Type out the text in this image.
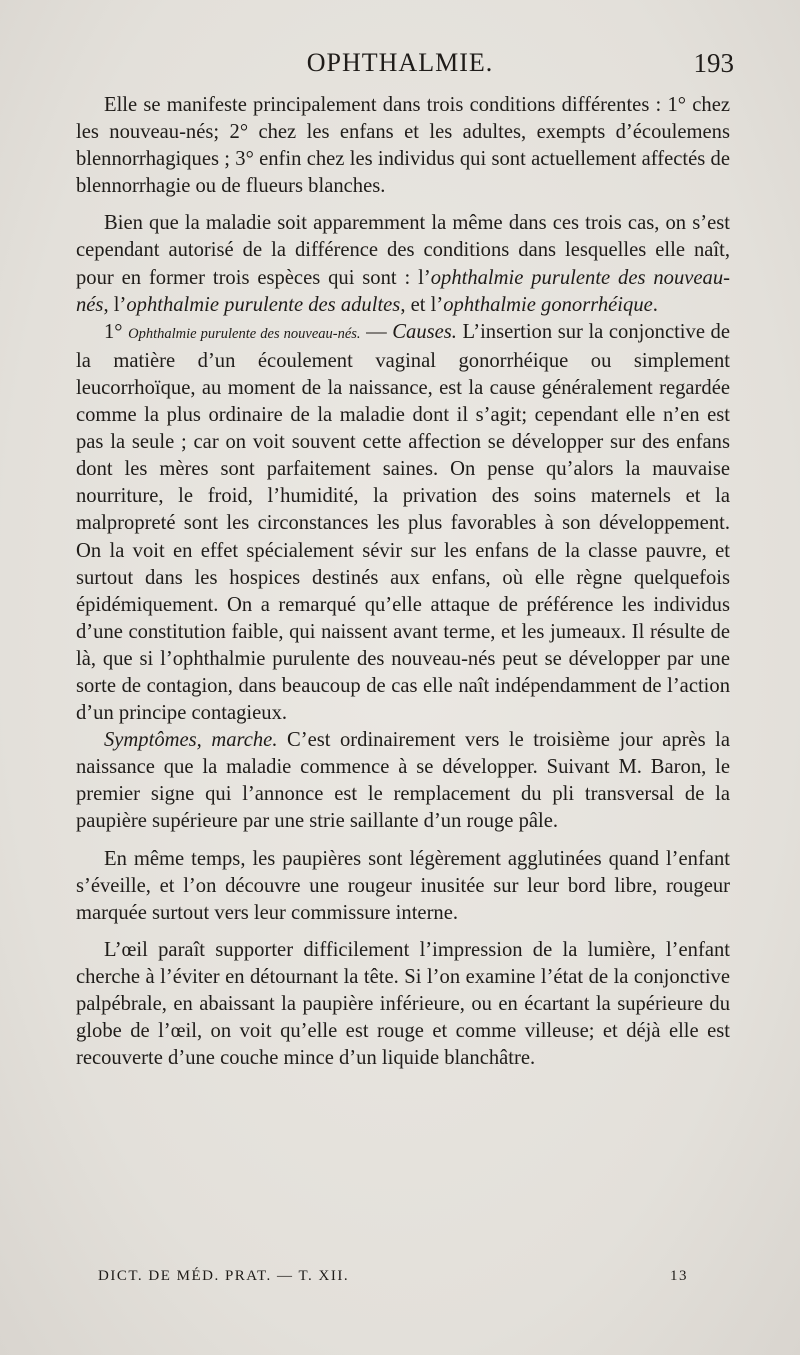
OPHTHALMIE.	193

Elle se manifeste principalement dans trois conditions différentes : 1° chez les nouveau-nés; 2° chez les enfans et les adultes, exempts d’écoulemens blennorrhagiques ; 3° enfin chez les individus qui sont actuellement affectés de blennorrhagie ou de flueurs blanches.

Bien que la maladie soit apparemment la même dans ces trois cas, on s’est cependant autorisé de la différence des conditions dans lesquelles elle naît, pour en former trois espèces qui sont : l’ophthalmie purulente des nouveau-nés, l’ophthalmie purulente des adultes, et l’ophthalmie gonorrhéique.

1° Ophthalmie purulente des nouveau-nés. — Causes. L’insertion sur la conjonctive de la matière d’un écoulement vaginal gonorrhéique ou simplement leucorrhoïque, au moment de la naissance, est la cause généralement regardée comme la plus ordinaire de la maladie dont il s’agit; cependant elle n’en est pas la seule ; car on voit souvent cette affection se développer sur des enfans dont les mères sont parfaitement saines. On pense qu’alors la mauvaise nourriture, le froid, l’humidité, la privation des soins maternels et la malpropreté sont les circonstances les plus favorables à son développement. On la voit en effet spécialement sévir sur les enfans de la classe pauvre, et surtout dans les hospices destinés aux enfans, où elle règne quelquefois épidémiquement. On a remarqué qu’elle attaque de préférence les individus d’une constitution faible, qui naissent avant terme, et les jumeaux. Il résulte de là, que si l’ophthalmie purulente des nouveau-nés peut se développer par une sorte de contagion, dans beaucoup de cas elle naît indépendamment de l’action d’un principe contagieux.

Symptômes, marche. C’est ordinairement vers le troisième jour après la naissance que la maladie commence à se développer. Suivant M. Baron, le premier signe qui l’annonce est le remplacement du pli transversal de la paupière supérieure par une strie saillante d’un rouge pâle.

En même temps, les paupières sont légèrement agglutinées quand l’enfant s’éveille, et l’on découvre une rougeur inusitée sur leur bord libre, rougeur marquée surtout vers leur commissure interne.

L’œil paraît supporter difficilement l’impression de la lumière, l’enfant cherche à l’éviter en détournant la tête. Si l’on examine l’état de la conjonctive palpébrale, en abaissant la paupière inférieure, ou en écartant la supérieure du globe de l’œil, on voit qu’elle est rouge et comme villeuse; et déjà elle est recouverte d’une couche mince d’un liquide blanchâtre.

DICT. DE MÉD. PRAT. — T. XII.	13
